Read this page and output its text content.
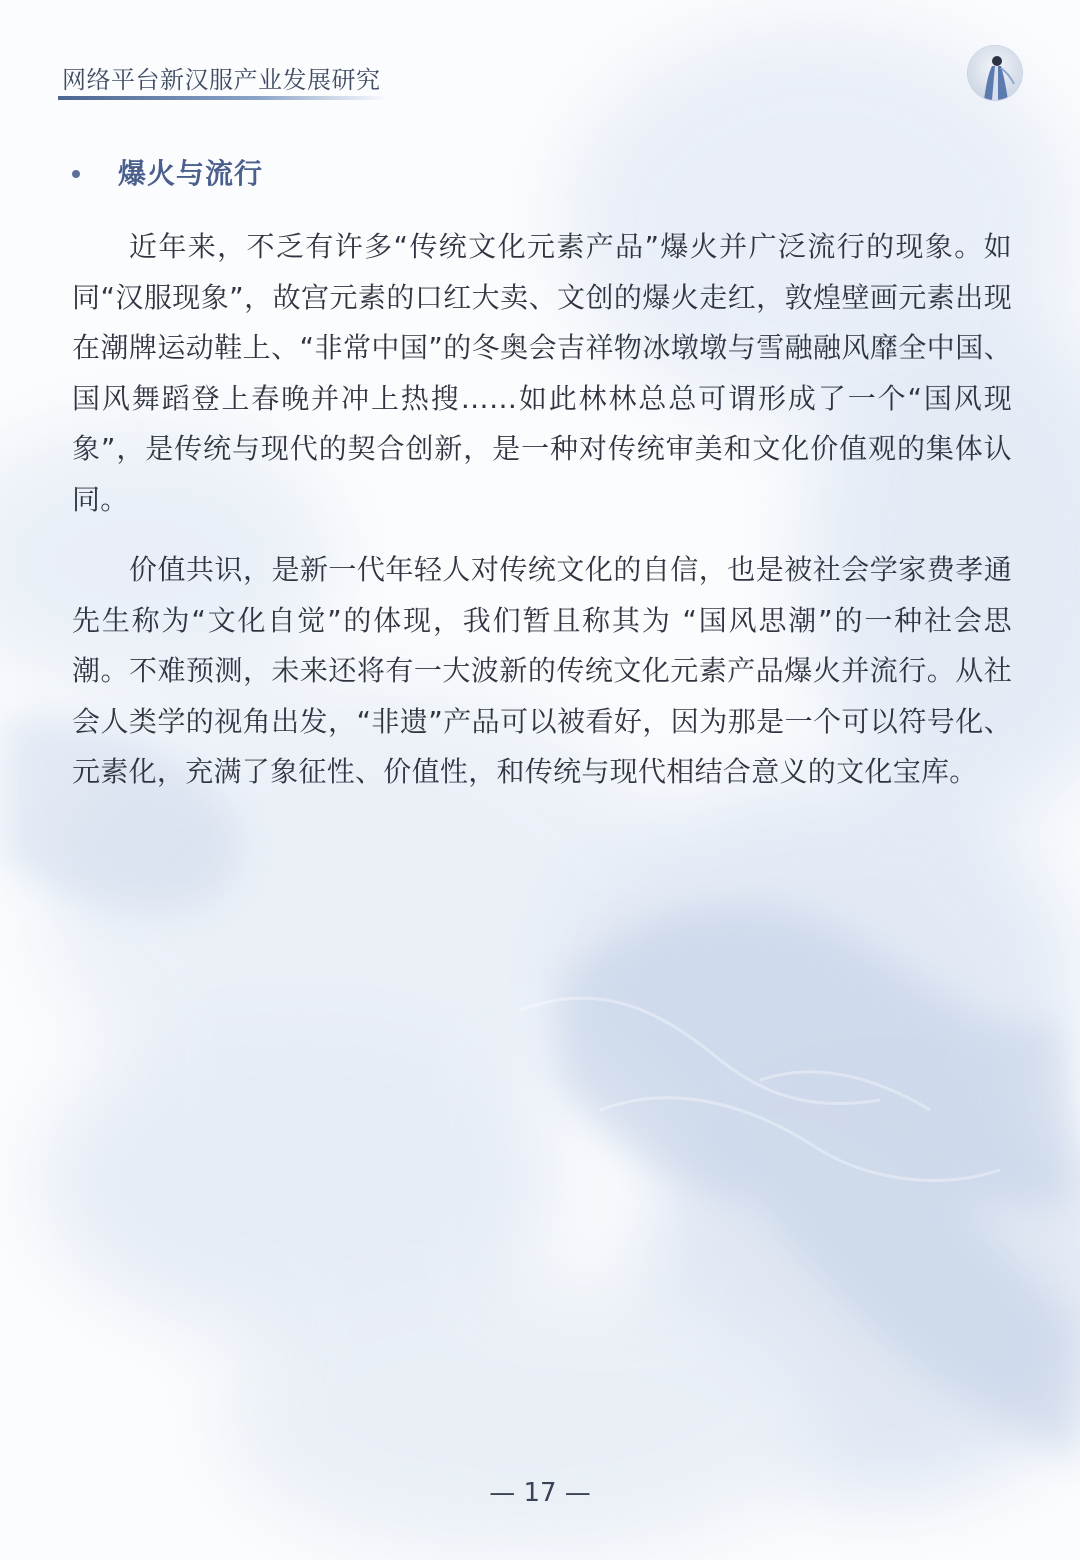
网络平台新汉服产业发展研究
爆火与流行

近年来，不乏有许多“传统文化元素产品”爆火并广泛流行的现象。如同“汉服现象”，故宫元素的口红大卖、文创的爆火走红，敦煌壁画元素出现在潮牌运动鞋上、“非常中国”的冬奥会吉祥物冰墩墩与雪融融风靡全中国、国风舞蹈登上春晚并冲上热搜……如此林林总总可谓形成了一个“国风现象”，是传统与现代的契合创新，是一种对传统审美和文化价值观的集体认同。

价值共识，是新一代年轻人对传统文化的自信，也是被社会学家费孝通先生称为“文化自觉”的体现，我们暂且称其为 “国风思潮”的一种社会思潮。不难预测，未来还将有一大波新的传统文化元素产品爆火并流行。从社会人类学的视角出发，“非遗”产品可以被看好，因为那是一个可以符号化、元素化，充满了象征性、价值性，和传统与现代相结合意义的文化宝库。

— 17 —
